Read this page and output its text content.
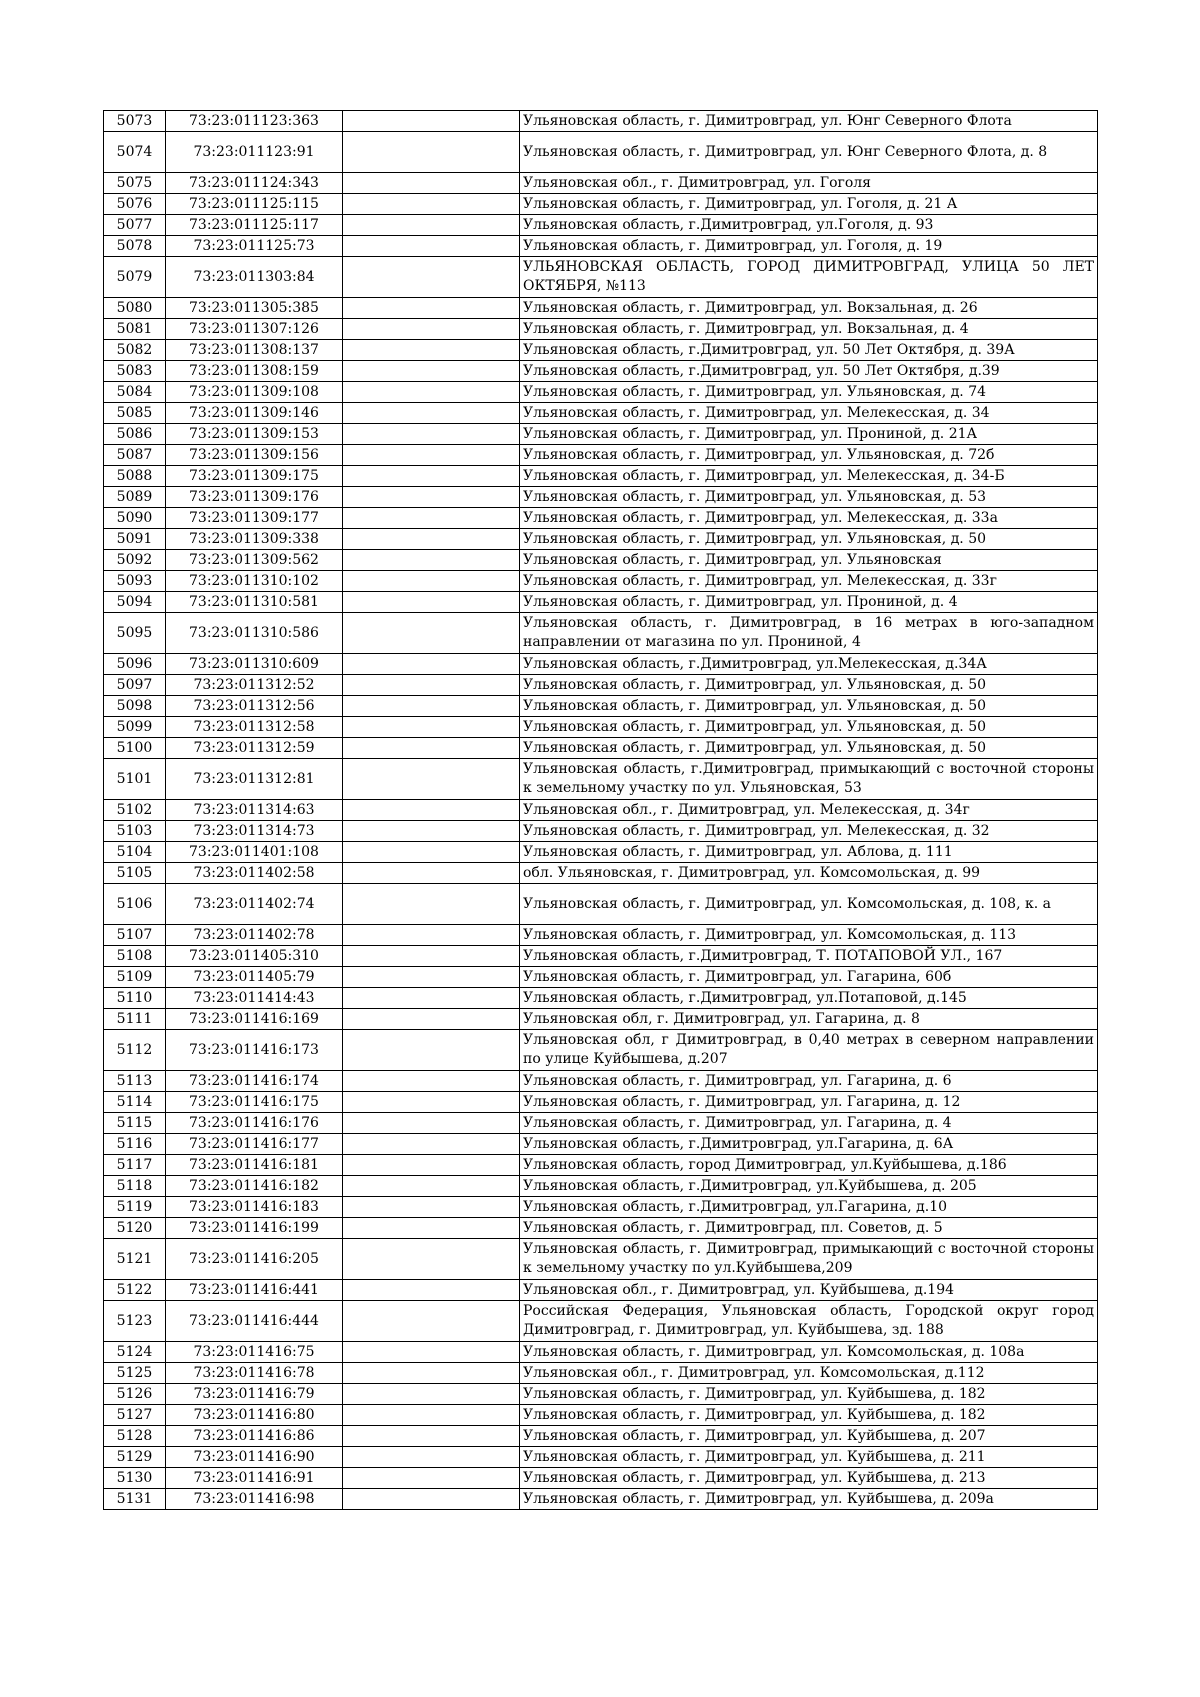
5073	73:23:011123:363		Ульяновская область, г. Димитровград, ул. Юнг Северного Флота
5074	73:23:011123:91		Ульяновская область, г. Димитровград, ул. Юнг Северного Флота, д. 8
5075	73:23:011124:343		Ульяновская обл., г. Димитровград, ул. Гоголя
5076	73:23:011125:115		Ульяновская область, г. Димитровград, ул. Гоголя, д. 21 А
5077	73:23:011125:117		Ульяновская область, г.Димитровград, ул.Гоголя, д. 93
5078	73:23:011125:73		Ульяновская область, г. Димитровград, ул. Гоголя, д. 19
5079	73:23:011303:84		УЛЬЯНОВСКАЯ ОБЛАСТЬ, ГОРОД ДИМИТРОВГРАД, УЛИЦА 50 ЛЕТ ОКТЯБРЯ, №113
5080	73:23:011305:385		Ульяновская область, г. Димитровград, ул. Вокзальная, д. 26
5081	73:23:011307:126		Ульяновская область, г. Димитровград, ул. Вокзальная, д. 4
5082	73:23:011308:137		Ульяновская область, г.Димитровград, ул. 50 Лет Октября, д. 39А
5083	73:23:011308:159		Ульяновская область, г.Димитровград, ул. 50 Лет Октября, д.39
5084	73:23:011309:108		Ульяновская область, г. Димитровград, ул. Ульяновская, д. 74
5085	73:23:011309:146		Ульяновская область, г. Димитровград, ул. Мелекесская, д. 34
5086	73:23:011309:153		Ульяновская область, г. Димитровград, ул. Прониной, д. 21А
5087	73:23:011309:156		Ульяновская область, г. Димитровград, ул. Ульяновская, д. 72б
5088	73:23:011309:175		Ульяновская область, г. Димитровград, ул. Мелекесская, д. 34-Б
5089	73:23:011309:176		Ульяновская область, г. Димитровград, ул. Ульяновская, д. 53
5090	73:23:011309:177		Ульяновская область, г. Димитровград, ул. Мелекесская, д. 33а
5091	73:23:011309:338		Ульяновская область, г. Димитровград, ул. Ульяновская, д. 50
5092	73:23:011309:562		Ульяновская область, г. Димитровград, ул. Ульяновская
5093	73:23:011310:102		Ульяновская область, г. Димитровград, ул. Мелекесская, д. 33г
5094	73:23:011310:581		Ульяновская область, г. Димитровград, ул. Прониной, д. 4
5095	73:23:011310:586		Ульяновская область, г. Димитровград, в 16 метрах в юго-западном направлении от магазина по ул. Прониной, 4
5096	73:23:011310:609		Ульяновская область, г.Димитровград, ул.Мелекесская, д.34А
5097	73:23:011312:52		Ульяновская область, г. Димитровград, ул. Ульяновская, д. 50
5098	73:23:011312:56		Ульяновская область, г. Димитровград, ул. Ульяновская, д. 50
5099	73:23:011312:58		Ульяновская область, г. Димитровград, ул. Ульяновская, д. 50
5100	73:23:011312:59		Ульяновская область, г. Димитровград, ул. Ульяновская, д. 50
5101	73:23:011312:81		Ульяновская область, г.Димитровград, примыкающий с восточной стороны к земельному участку по ул. Ульяновская, 53
5102	73:23:011314:63		Ульяновская обл., г. Димитровград, ул. Мелекесская, д. 34г
5103	73:23:011314:73		Ульяновская область, г. Димитровград, ул. Мелекесская, д. 32
5104	73:23:011401:108		Ульяновская область, г. Димитровград, ул. Аблова, д. 111
5105	73:23:011402:58		обл. Ульяновская, г. Димитровград, ул. Комсомольская, д. 99
5106	73:23:011402:74		Ульяновская область, г. Димитровград, ул. Комсомольская, д. 108, к. а
5107	73:23:011402:78		Ульяновская область, г. Димитровград, ул. Комсомольская, д. 113
5108	73:23:011405:310		Ульяновская область, г.Димитровград, Т. ПОТАПОВОЙ УЛ., 167
5109	73:23:011405:79		Ульяновская область, г. Димитровград, ул. Гагарина, 60б
5110	73:23:011414:43		Ульяновская область, г.Димитровград, ул.Потаповой, д.145
5111	73:23:011416:169		Ульяновская обл, г. Димитровград, ул. Гагарина, д. 8
5112	73:23:011416:173		Ульяновская обл, г Димитровград, в 0,40 метрах в северном направлении по улице Куйбышева, д.207
5113	73:23:011416:174		Ульяновская область, г. Димитровград, ул. Гагарина, д. 6
5114	73:23:011416:175		Ульяновская область, г. Димитровград, ул. Гагарина, д. 12
5115	73:23:011416:176		Ульяновская область, г. Димитровград, ул. Гагарина, д. 4
5116	73:23:011416:177		Ульяновская область, г.Димитровград, ул.Гагарина, д. 6А
5117	73:23:011416:181		Ульяновская область, город Димитровград, ул.Куйбышева, д.186
5118	73:23:011416:182		Ульяновская область, г.Димитровград, ул.Куйбышева, д. 205
5119	73:23:011416:183		Ульяновская область, г.Димитровград, ул.Гагарина, д.10
5120	73:23:011416:199		Ульяновская область, г. Димитровград, пл. Советов, д. 5
5121	73:23:011416:205		Ульяновская область, г. Димитровград, примыкающий с восточной стороны к земельному участку по ул.Куйбышева,209
5122	73:23:011416:441		Ульяновская обл., г. Димитровград, ул. Куйбышева, д.194
5123	73:23:011416:444		Российская Федерация, Ульяновская область, Городской округ город Димитровград, г. Димитровград, ул. Куйбышева, зд. 188
5124	73:23:011416:75		Ульяновская область, г. Димитровград, ул. Комсомольская, д. 108а
5125	73:23:011416:78		Ульяновская обл., г. Димитровград, ул. Комсомольская, д.112
5126	73:23:011416:79		Ульяновская область, г. Димитровград, ул. Куйбышева, д. 182
5127	73:23:011416:80		Ульяновская область, г. Димитровград, ул. Куйбышева, д. 182
5128	73:23:011416:86		Ульяновская область, г. Димитровград, ул. Куйбышева, д. 207
5129	73:23:011416:90		Ульяновская область, г. Димитровград, ул. Куйбышева, д. 211
5130	73:23:011416:91		Ульяновская область, г. Димитровград, ул. Куйбышева, д. 213
5131	73:23:011416:98		Ульяновская область, г. Димитровград, ул. Куйбышева, д. 209а
